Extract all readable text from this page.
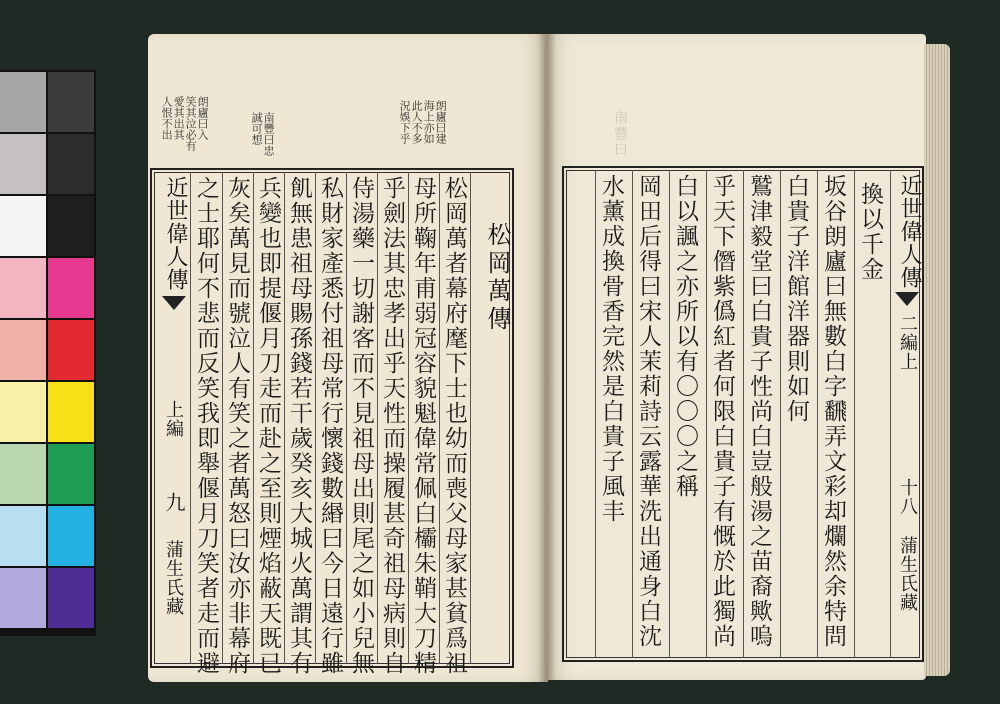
朗廬曰入
笑其泣必有
愛其出其
人恨不出	南豐曰忠
誠可想	朗廬曰建
海上亦如
此人不多
況娛下乎
近世偉人傳
上編
九
蒲生氏藏	松岡萬者幕府麾下士也幼而喪父母家甚貧爲祖
母所鞠年甫弱冠容貌魁偉常佩白欛朱鞘大刀精
乎劍法其忠孝出乎天性而操履甚奇祖母病則自
侍湯藥一切謝客而不見祖母出則尾之如小兒無
私財家產悉付祖母常行懷錢數緡曰今日遠行雖
飢無患祖母賜孫錢若干歲癸亥大城火萬謂其有
兵變也即提偃月刀走而赴之至則煙焰蔽天既已
灰矣萬見而號泣人有笑之者萬怒曰汝亦非幕府
之士耶何不悲而反笑我即舉偃月刀笑者走而避	松岡萬傳
南豐曰
換以千金
坂谷朗廬曰無數白字飜弄文彩却爛然余特問
白貴子洋館洋器則如何
鷲津毅堂曰白貴子性尚白豈般湯之苗裔歟嗚
乎天下僭紫僞紅者何限白貴子有慨於此獨尚
白以諷之亦所以有〇〇〇之稱
岡田后得曰宋人茉莉詩云露華洗出通身白沈
水薰成換骨香完然是白貴子風丰	近世偉人傳
二編上
十八
蒲生氏藏
